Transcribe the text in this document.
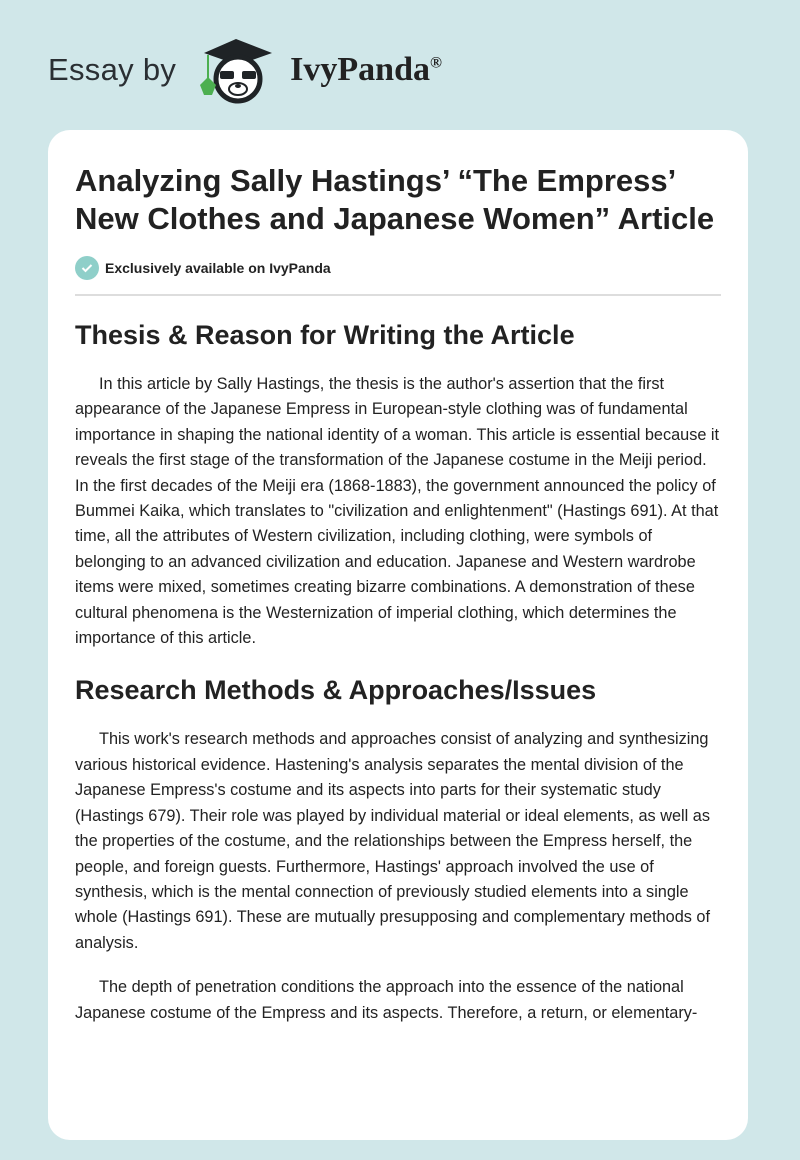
Essay by	IvyPanda®
Analyzing Sally Hastings’ “The Empress’ New Clothes and Japanese Women” Article
Exclusively available on IvyPanda
Thesis & Reason for Writing the Article

In this article by Sally Hastings, the thesis is the author's assertion that the first appearance of the Japanese Empress in European-style clothing was of fundamental importance in shaping the national identity of a woman. This article is essential because it reveals the first stage of the transformation of the Japanese costume in the Meiji period. In the first decades of the Meiji era (1868-1883), the government announced the policy of Bummei Kaika, which translates to "civilization and enlightenment" (Hastings 691). At that time, all the attributes of Western civilization, including clothing, were symbols of belonging to an advanced civilization and education. Japanese and Western wardrobe items were mixed, sometimes creating bizarre combinations. A demonstration of these cultural phenomena is the Westernization of imperial clothing, which determines the importance of this article.

Research Methods & Approaches/Issues

This work's research methods and approaches consist of analyzing and synthesizing various historical evidence. Hastening's analysis separates the mental division of the Japanese Empress's costume and its aspects into parts for their systematic study (Hastings 679). Their role was played by individual material or ideal elements, as well as the properties of the costume, and the relationships between the Empress herself, the people, and foreign guests. Furthermore, Hastings' approach involved the use of synthesis, which is the mental connection of previously studied elements into a single whole (Hastings 691). These are mutually presupposing and complementary methods of analysis.

The depth of penetration conditions the approach into the essence of the national Japanese costume of the Empress and its aspects. Therefore, a return, or elementary-
